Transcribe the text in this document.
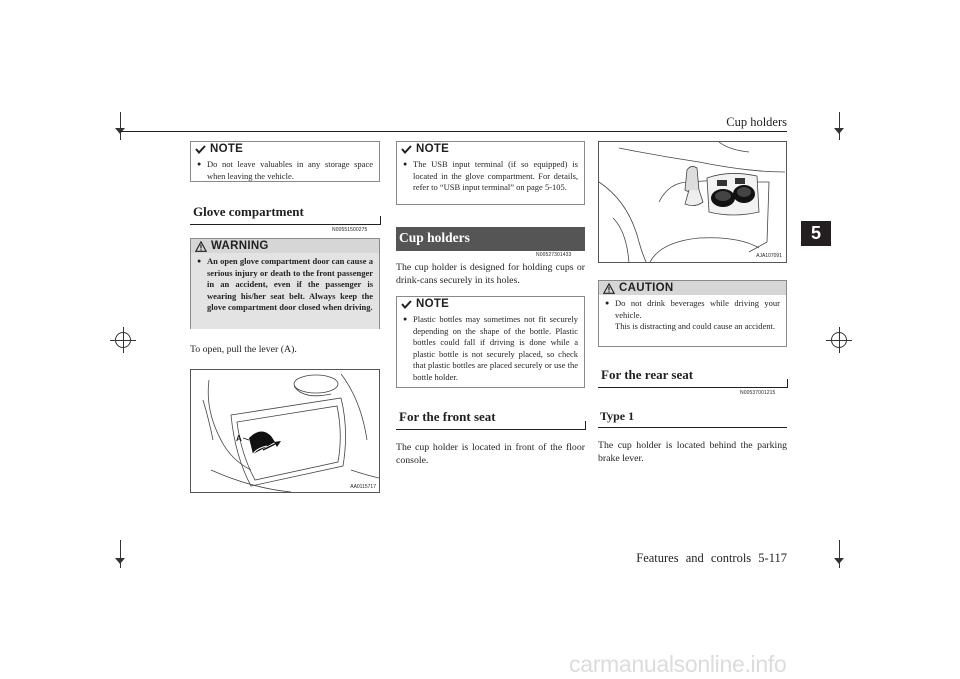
Cup holders
5
NOTE
● Do not leave valuables in any storage space when leaving the vehicle.
Glove compartment
N00551500275
WARNING
● An open glove compartment door can cause a serious injury or death to the front passenger in an accident, even if the passenger is wearing his/her seat belt. Always keep the glove compartment door closed when driving.
To open, pull the lever (A).
A
AA0115717
NOTE
● The USB input terminal (if so equipped) is located in the glove compartment. For details, refer to “USB input terminal” on page 5-105.
Cup holders
N00527301433
The cup holder is designed for holding cups or drink-cans securely in its holes.
NOTE
● Plastic bottles may sometimes not fit securely depending on the shape of the bottle. Plastic bottles could fall if driving is done while a plastic bottle is not securely placed, so check that plastic bottles are placed securely or use the bottle holder.
For the front seat
The cup holder is located in front of the floor console.
AJA107091
CAUTION
● Do not drink beverages while driving your vehicle.
This is distracting and could cause an accident.
For the rear seat
N00537001215
Type 1
The cup holder is located behind the parking brake lever.
Features and controls 5-117
carmanualsonline.info
